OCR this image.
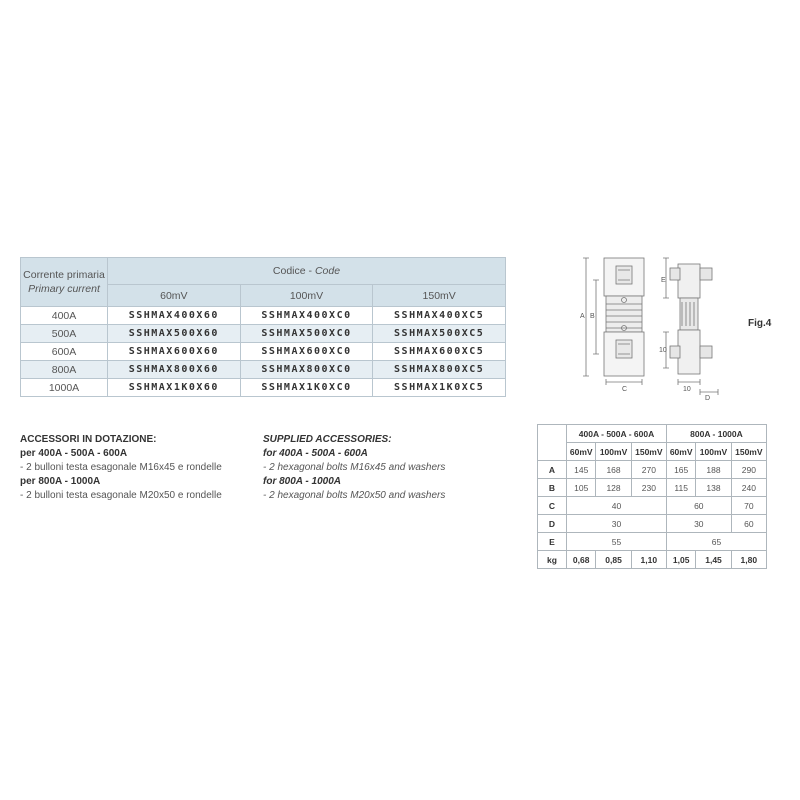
Corrente primaria
Primary current	Codice - Code		
	60mV	100mV	150mV
400A	SSHMAX400X60	SSHMAX400XC0	SSHMAX400XC5
500A	SSHMAX500X60	SSHMAX500XC0	SSHMAX500XC5
600A	SSHMAX600X60	SSHMAX600XC0	SSHMAX600XC5
800A	SSHMAX800X60	SSHMAX800XC0	SSHMAX800XC5
1000A	SSHMAX1K0X60	SSHMAX1K0XC0	SSHMAX1K0XC5
ACCESSORI IN DOTAZIONE:
per 400A - 500A - 600A
- 2 bulloni testa esagonale M16x45 e rondelle
per 800A - 1000A
- 2 bulloni testa esagonale M20x50 e rondelle
SUPPLIED ACCESSORIES:
for 400A - 500A - 600A
- 2 hexagonal bolts M16x45 and washers
for 800A - 1000A
- 2 hexagonal bolts M20x50 and washers
A B
C
D
E
10
10
Fig.4
	400A - 500A - 600A			800A - 1000A		
	60mV	100mV	150mV	60mV	100mV	150mV
A	145	168	270	165	188	290
B	105	128	230	115	138	240
C	40			60		70
D	30			30		60
E	55			65		
kg	0,68	0,85	1,10	1,05	1,45	1,80
